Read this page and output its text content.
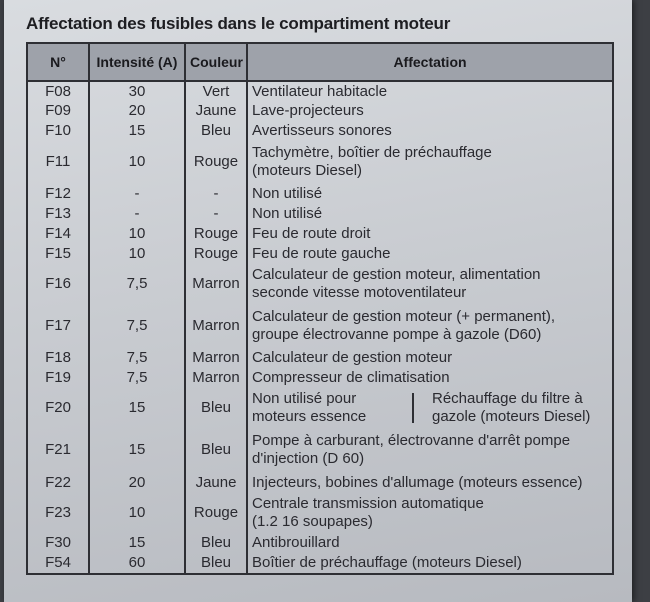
Affectation des fusibles dans le compartiment moteur
N°	Intensité (A)	Couleur	Affectation
F08	30	Vert	Ventilateur habitacle
F09	20	Jaune	Lave-projecteurs
F10	15	Bleu	Avertisseurs sonores
F11	10	Rouge	Tachymètre, boîtier de préchauffage
(moteurs Diesel)
F12	-	-	Non utilisé
F13	-	-	Non utilisé
F14	10	Rouge	Feu de route droit
F15	10	Rouge	Feu de route gauche
F16	7,5	Marron	Calculateur de gestion moteur, alimentation
seconde vitesse motoventilateur
F17	7,5	Marron	Calculateur de gestion moteur (+ permanent),
groupe électrovanne pompe à gazole (D60)
F18	7,5	Marron	Calculateur de gestion moteur
F19	7,5	Marron	Compresseur de climatisation
F20	15	Bleu	Non utilisé pour
moteurs essence
Réchauffage du filtre à
gazole (moteurs Diesel)

F21	15	Bleu	Pompe à carburant, électrovanne d'arrêt pompe
d'injection (D 60)
F22	20	Jaune	Injecteurs, bobines d'allumage (moteurs essence)
F23	10	Rouge	Centrale transmission automatique
(1.2 16 soupapes)
F30	15	Bleu	Antibrouillard
F54	60	Bleu	Boîtier de préchauffage (moteurs Diesel)
